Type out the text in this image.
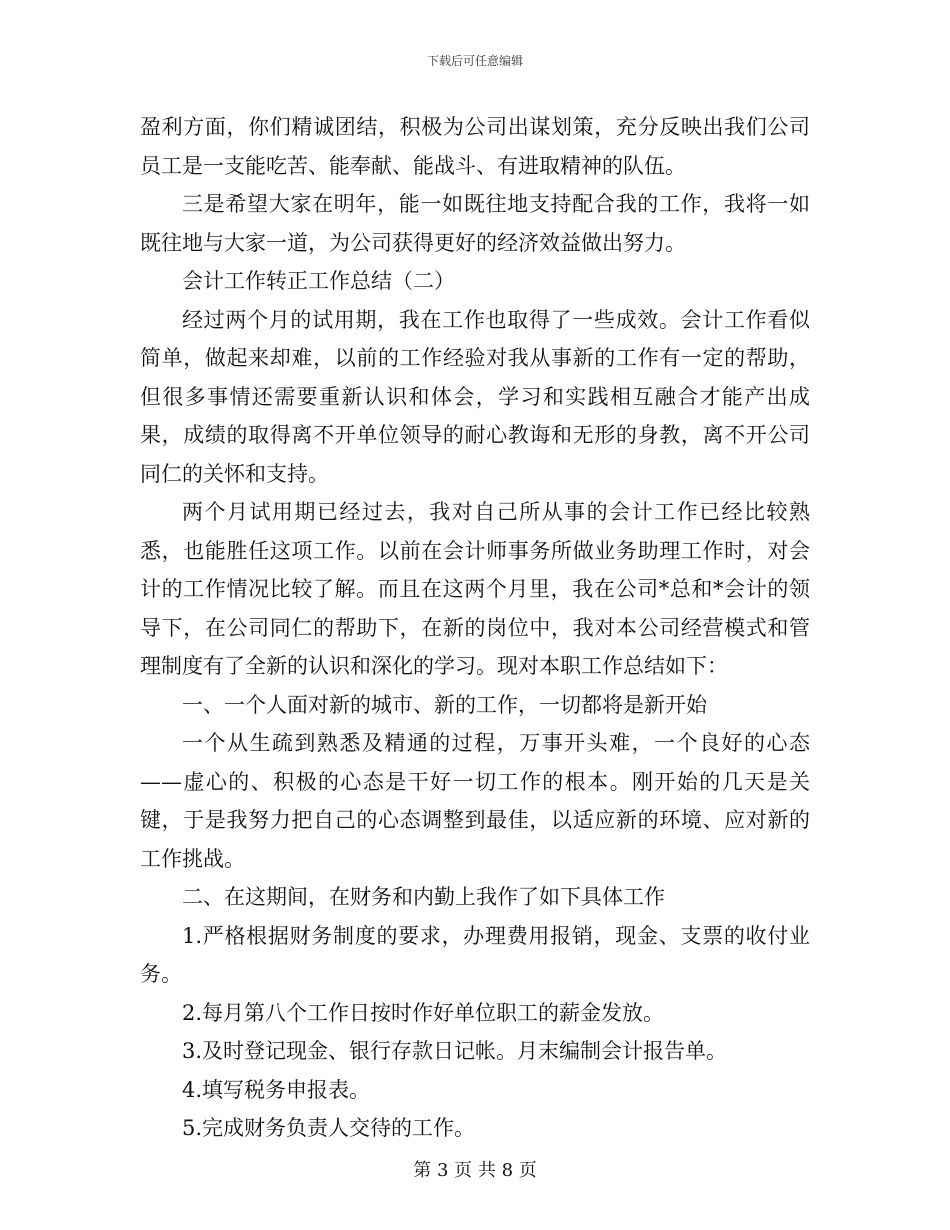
下载后可任意编辑

盈利方面，你们精诚团结，积极为公司出谋划策，充分反映出我们公司员工是一支能吃苦、能奉献、能战斗、有进取精神的队伍。

三是希望大家在明年，能一如既往地支持配合我的工作，我将一如既往地与大家一道，为公司获得更好的经济效益做出努力。

会计工作转正工作总结（二）

经过两个月的试用期，我在工作也取得了一些成效。会计工作看似简单，做起来却难，以前的工作经验对我从事新的工作有一定的帮助，但很多事情还需要重新认识和体会，学习和实践相互融合才能产出成果，成绩的取得离不开单位领导的耐心教诲和无形的身教，离不开公司同仁的关怀和支持。

两个月试用期已经过去，我对自己所从事的会计工作已经比较熟悉，也能胜任这项工作。以前在会计师事务所做业务助理工作时，对会计的工作情况比较了解。而且在这两个月里，我在公司*总和*会计的领导下，在公司同仁的帮助下，在新的岗位中，我对本公司经营模式和管理制度有了全新的认识和深化的学习。现对本职工作总结如下：

一、一个人面对新的城市、新的工作，一切都将是新开始

一个从生疏到熟悉及精通的过程，万事开头难，一个良好的心态——虚心的、积极的心态是干好一切工作的根本。刚开始的几天是关键，于是我努力把自己的心态调整到最佳，以适应新的环境、应对新的工作挑战。

二、在这期间，在财务和内勤上我作了如下具体工作

1.严格根据财务制度的要求，办理费用报销，现金、支票的收付业务。

2.每月第八个工作日按时作好单位职工的薪金发放。

3.及时登记现金、银行存款日记帐。月末编制会计报告单。

4.填写税务申报表。

5.完成财务负责人交待的工作。

第 3 页 共 8 页
